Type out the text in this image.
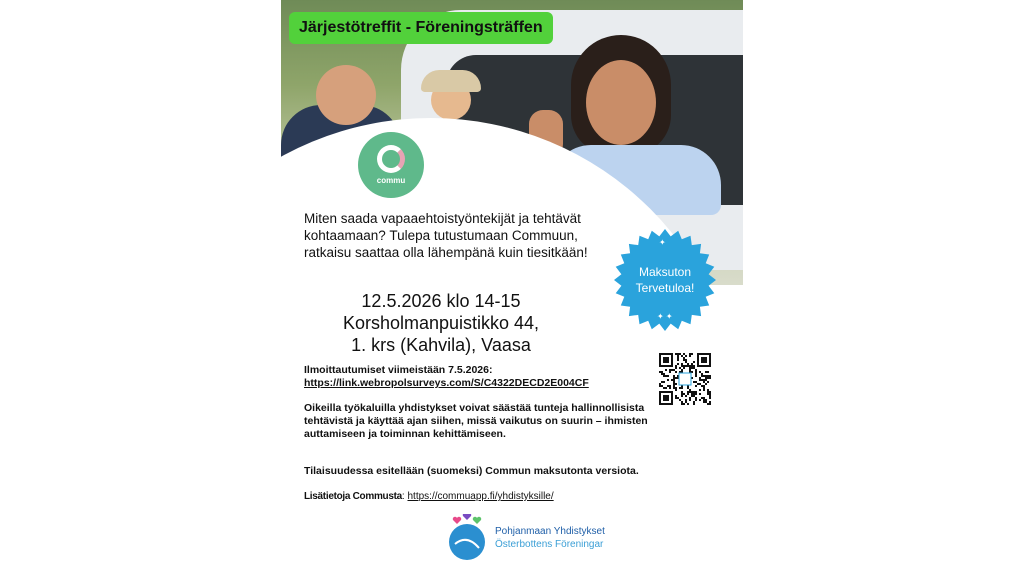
Järjestötreffit - Föreningsträffen
commu
Miten saada vapaaehtoistyöntekijät ja tehtävät kohtaamaan? Tulepa tutustumaan Commuun, ratkaisu saattaa olla lähempänä kuin tiesitkään!
12.5.2026 klo 14-15
Korsholmanpuistikko 44,
1. krs (Kahvila), Vaasa
Maksuton
Tervetuloa!
✦
✦ ✦
Ilmoittautumiset viimeistään 7.5.2026:
https://link.webropolsurveys.com/S/C4322DECD2E004CF
Oikeilla työkaluilla yhdistykset voivat säästää tunteja hallinnollisista tehtävistä ja käyttää ajan siihen, missä vaikutus on suurin – ihmisten auttamiseen ja toiminnan kehittämiseen.
Tilaisuudessa esitellään (suomeksi) Commun maksutonta versiota.
Lisätietoja Commusta: https://commuapp.fi/yhdistyksille/
Pohjanmaan Yhdistykset
Österbottens Föreningar
